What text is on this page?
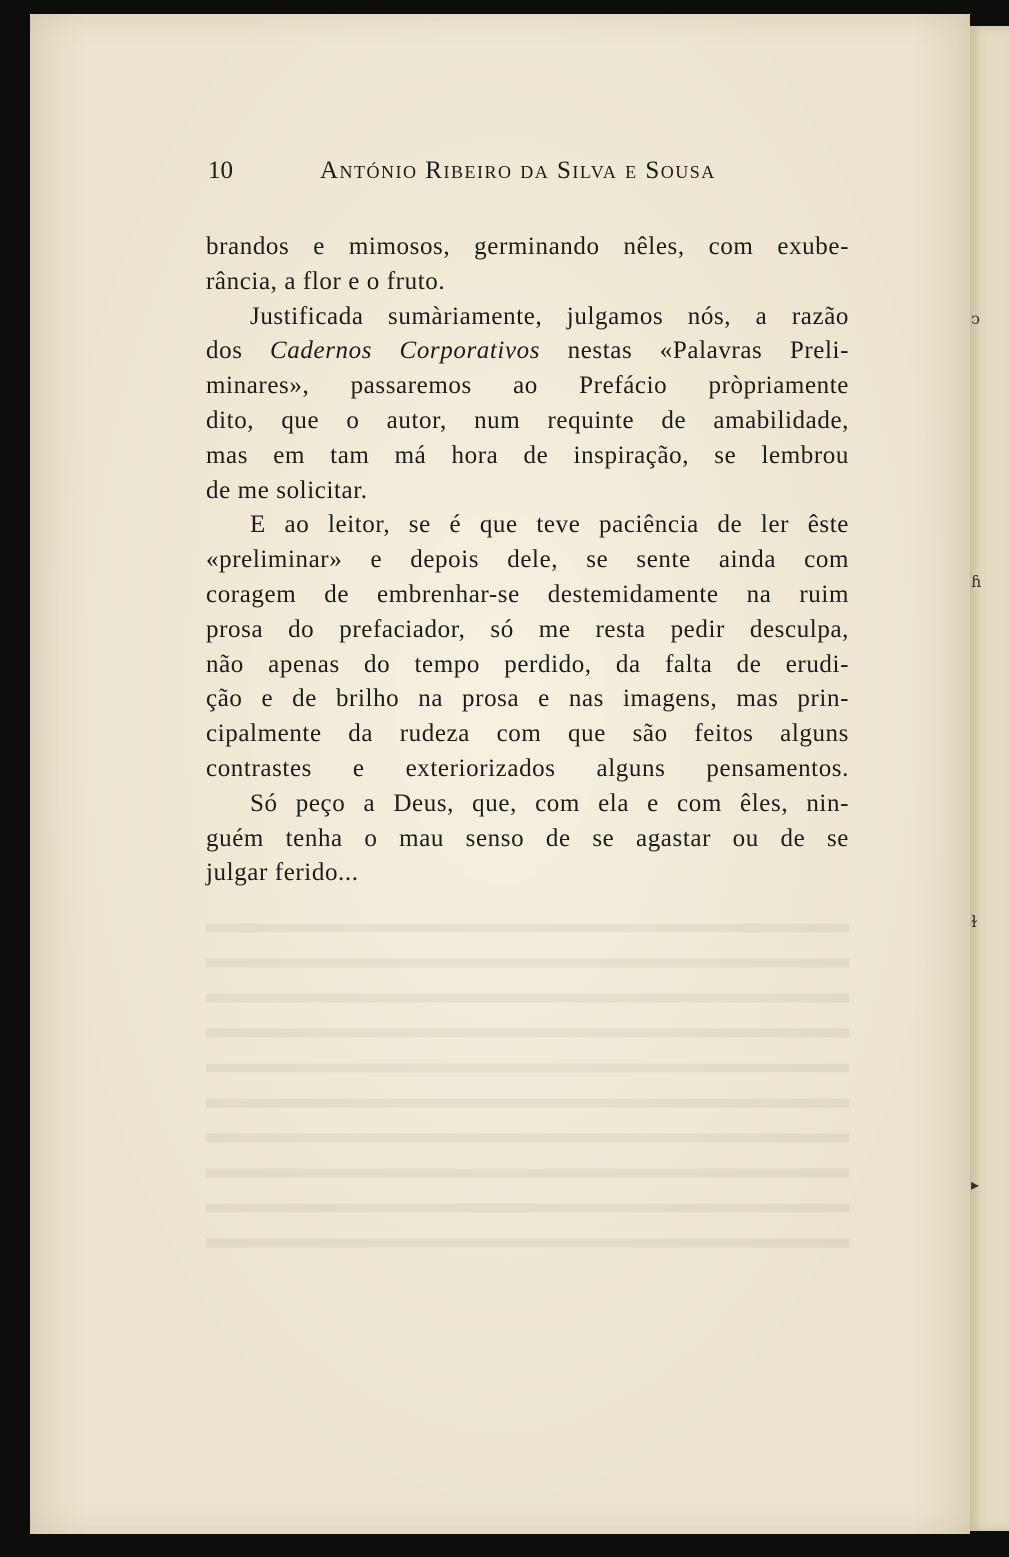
ↄ
ɦ
ɫ
▸
10	António Ribeiro da Silva e Sousa
brandos e mimosos, germinando nêles, com exube-
rância, a flor e o fruto.
Justificada sumàriamente, julgamos nós, a razão
dos Cadernos Corporativos nestas «Palavras Preli-
minares», passaremos ao Prefácio pròpriamente
dito, que o autor, num requinte de amabilidade,
mas em tam má hora de inspiração, se lembrou
de me solicitar.
E ao leitor, se é que teve paciência de ler êste
«preliminar» e depois dele, se sente ainda com
coragem de embrenhar-se destemidamente na ruim
prosa do prefaciador, só me resta pedir desculpa,
não apenas do tempo perdido, da falta de erudi-
ção e de brilho na prosa e nas imagens, mas prin-
cipalmente da rudeza com que são feitos alguns
contrastes e exteriorizados alguns pensamentos.
Só peço a Deus, que, com ela e com êles, nin-
guém tenha o mau senso de se agastar ou de se
julgar ferido...
